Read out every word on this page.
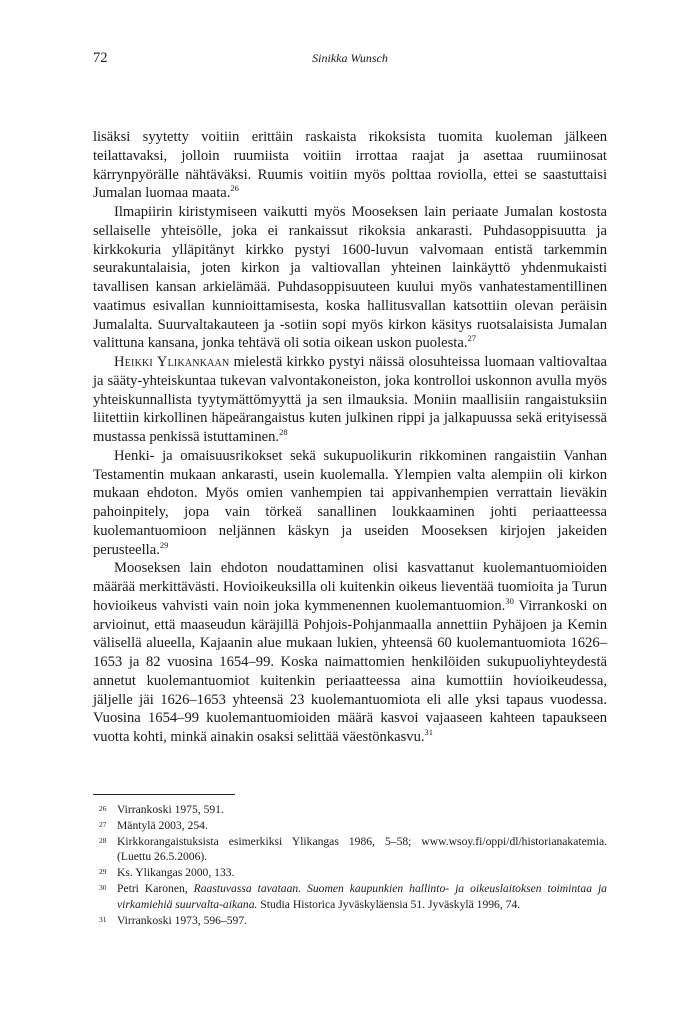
72	Sinikka Wunsch

lisäksi syytetty voitiin erittäin raskaista rikoksista tuomita kuoleman jälkeen teilattavaksi, jolloin ruumiista voitiin irrottaa raajat ja asettaa ruumiinosat kärrynpyörälle nähtäväksi. Ruumis voitiin myös polttaa roviolla, ettei se saastuttaisi Jumalan luomaa maata.$^{26}$

Ilmapiirin kiristymiseen vaikutti myös Mooseksen lain periaate Jumalan kostosta sellaiselle yhteisölle, joka ei rankaissut rikoksia ankarasti. Puhdasoppisuutta ja kirkkokuria ylläpitänyt kirkko pystyi 1600-luvun valvomaan entistä tarkemmin seurakuntalaisia, joten kirkon ja valtiovallan yhteinen lainkäyttö yhdenmukaisti tavallisen kansan arkielämää. Puhdasoppisuuteen kuului myös vanhatestamentillinen vaatimus esivallan kunnioittamisesta, koska hallitusvallan katsottiin olevan peräisin Jumalalta. Suurvaltakauteen ja -sotiin sopi myös kirkon käsitys ruotsalaisista Jumalan valittuna kansana, jonka tehtävä oli sotia oikean uskon puolesta.$^{27}$

Heikki Ylikankaan mielestä kirkko pystyi näissä olosuhteissa luomaan valtiovaltaa ja sääty-yhteiskuntaa tukevan valvontakoneiston, joka kontrolloi uskonnon avulla myös yhteiskunnallista tyytymättömyyttä ja sen ilmauksia. Moniin maallisiin rangaistuksiin liitettiin kirkollinen häpeärangaistus kuten julkinen rippi ja jalkapuussa sekä erityisessä mustassa penkissä istuttaminen.$^{28}$

Henki- ja omaisuusrikokset sekä sukupuolikurin rikkominen rangaistiin Vanhan Testamentin mukaan ankarasti, usein kuolemalla. Ylempien valta alempiin oli kirkon mukaan ehdoton. Myös omien vanhempien tai appivanhempien verrattain lieväkin pahoinpitely, jopa vain törkeä sanallinen loukkaaminen johti periaatteessa kuolemantuomioon neljännen käskyn ja useiden Mooseksen kirjojen jakeiden perusteella.$^{29}$

Mooseksen lain ehdoton noudattaminen olisi kasvattanut kuolemantuomioiden määrää merkittävästi. Hovioikeuksilla oli kuitenkin oikeus lieventää tuomioita ja Turun hovioikeus vahvisti vain noin joka kymmenennen kuolemantuomion.$^{30}$ Virrankoski on arvioinut, että maaseudun käräjillä Pohjois-Pohjanmaalla annettiin Pyhäjoen ja Kemin välisellä alueella, Kajaanin alue mukaan lukien, yhteensä 60 kuolemantuomiota 1626–1653 ja 82 vuosina 1654–99. Koska naimattomien henkilöiden sukupuoliyhteydestä annetut kuolemantuomiot kuitenkin periaatteessa aina kumottiin hovioikeudessa, jäljelle jäi 1626–1653 yhteensä 23 kuolemantuomiota eli alle yksi tapaus vuodessa. Vuosina 1654–99 kuolemantuomioiden määrä kasvoi vajaaseen kahteen tapaukseen vuotta kohti, minkä ainakin osaksi selittää väestönkasvu.$^{31}$

26 Virrankoski 1975, 591.
27 Mäntylä 2003, 254.
28 Kirkkorangaistuksista esimerkiksi Ylikangas 1986, 5–58; www.wsoy.fi/oppi/dl/historianakatemia. (Luettu 26.5.2006).
29 Ks. Ylikangas 2000, 133.
30 Petri Karonen, Raastuvassa tavataan. Suomen kaupunkien hallinto- ja oikeuslaitoksen toimintaa ja virkamiehiä suurvalta-aikana. Studia Historica Jyväskyläensia 51. Jyväskylä 1996, 74.
31 Virrankoski 1973, 596–597.
